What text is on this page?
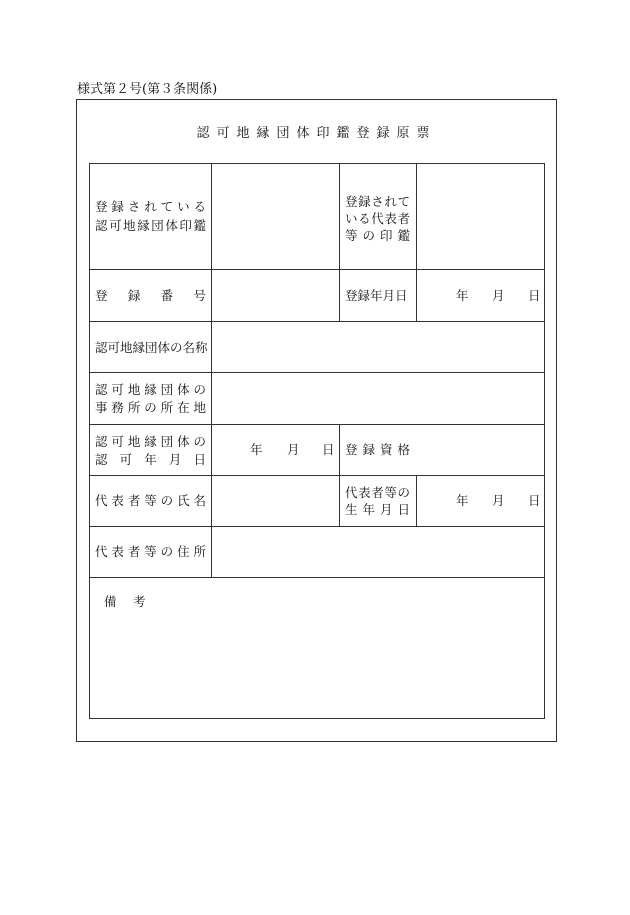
様式第２号(第３条関係)
認可地縁団体印鑑登録原票
登録されている
認可地縁団体印鑑
登録されて
いる代表者
等の印鑑
登録番号	登録年月日	年 月 日
認可地縁団体の名称
認可地縁団体の
事務所の所在地
認可地縁団体の
認可年月日
年 月 日 登録資格
代表者等の氏名
代表者等の
生年月日
年 月 日
代表者等の住所
備　考
